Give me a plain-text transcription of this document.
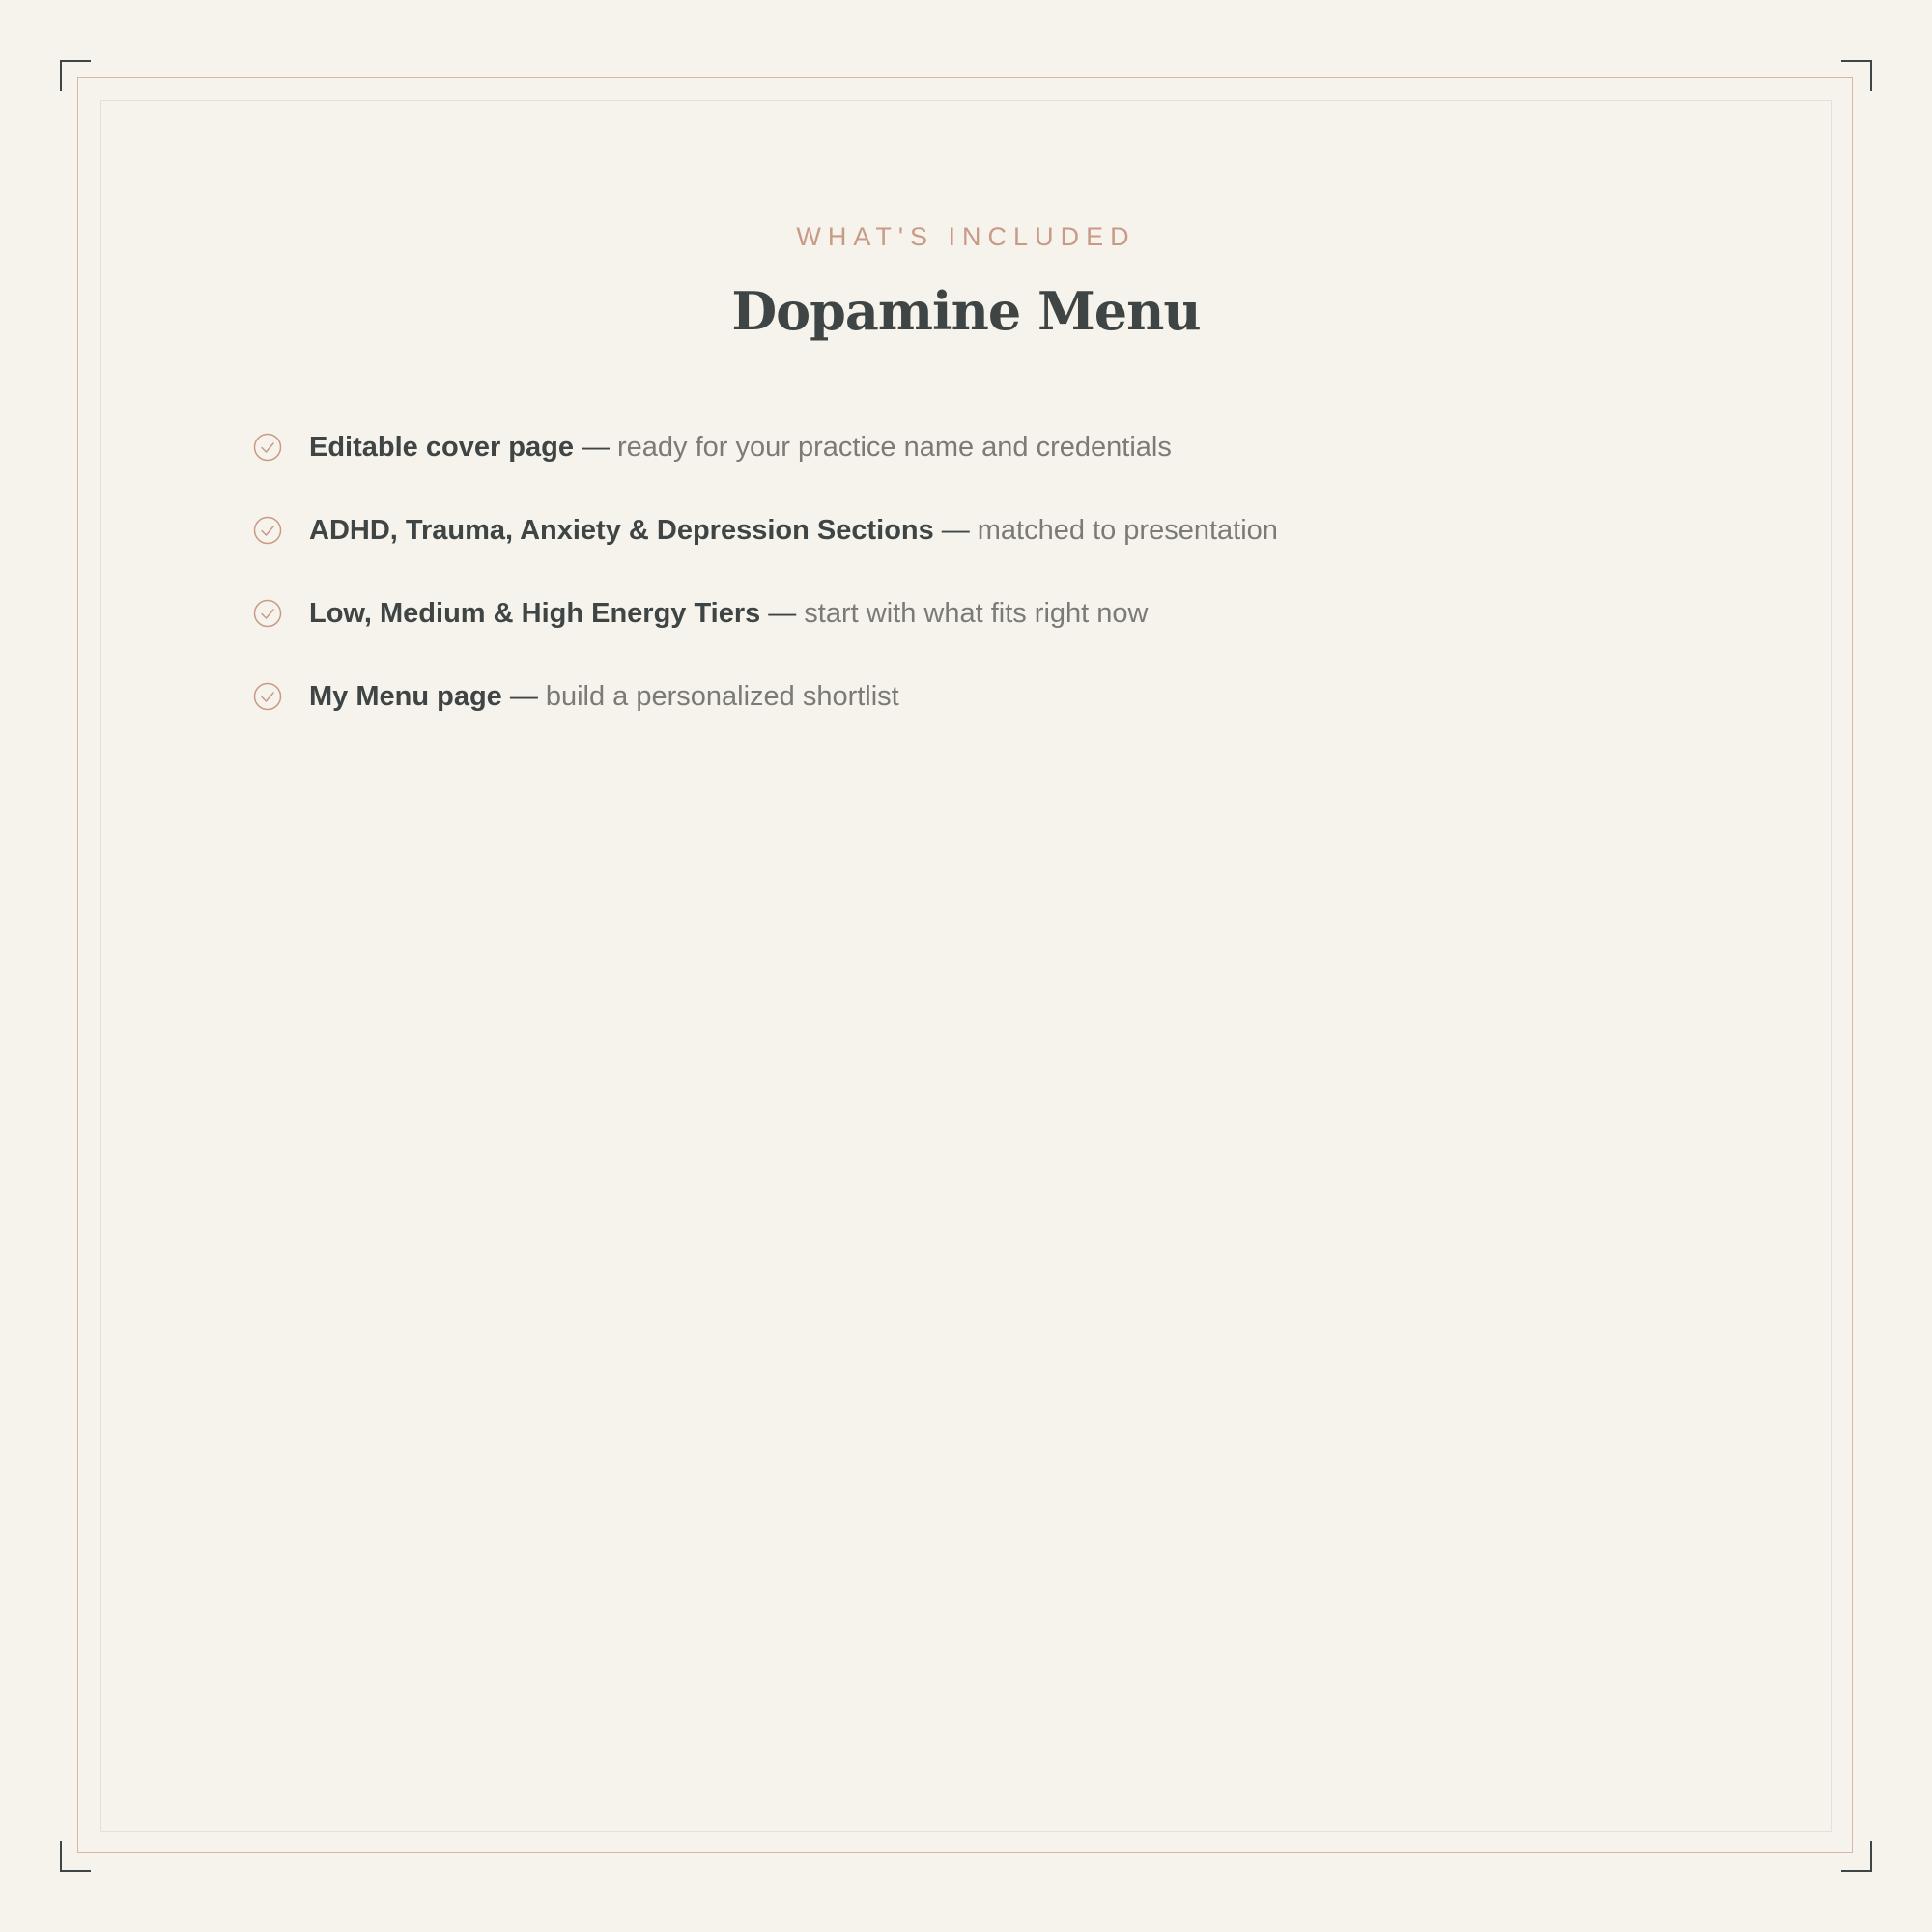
WHAT'S INCLUDED
Dopamine Menu
Editable cover page — ready for your practice name and credentials
ADHD, Trauma, Anxiety & Depression Sections — matched to presentation
Low, Medium & High Energy Tiers — start with what fits right now
My Menu page — build a personalized shortlist
